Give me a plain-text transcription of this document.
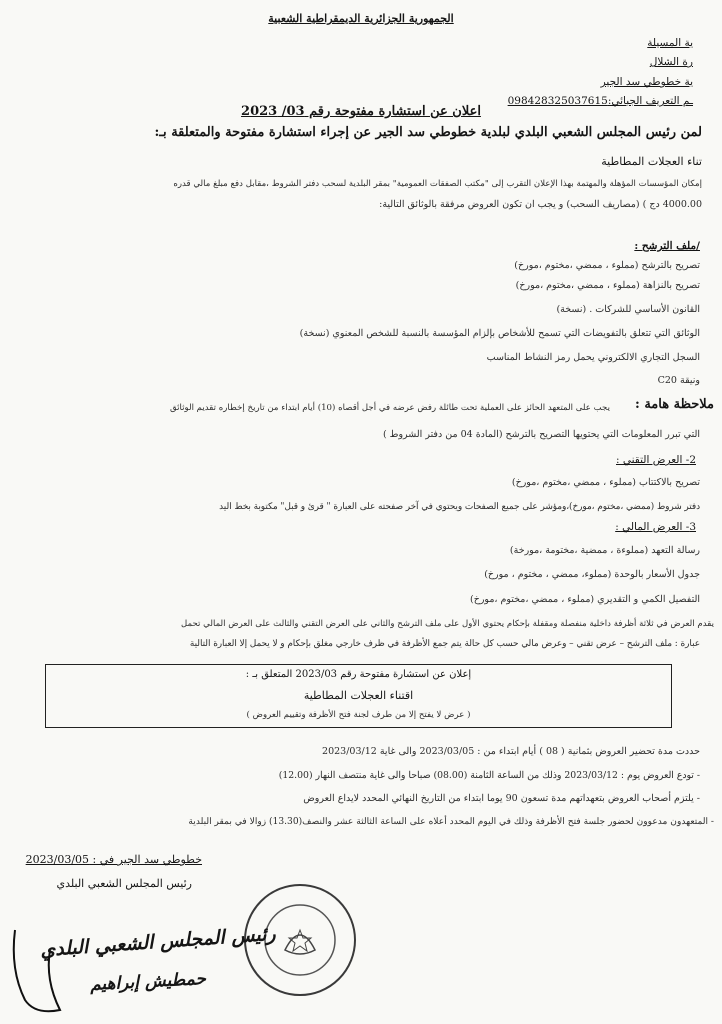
الجمهورية الجزائرية الديمقراطية الشعبية
ية المسيلة
رة الشلال
ية خطوطي سد الجير
ـم التعريف الجبائي:098428325037615
اعلان عن استشارة مفتوحة رقم 03/ 2023
لمن رئيس المجلس الشعبي البلدي لبلدية خطوطي سد الجير عن إجراء استشارة مفتوحة والمتعلقة بـ:
تناء العجلات المطاطية
إمكان المؤسسات المؤهلة والمهتمة بهذا الإعلان التقرب إلى "مكتب الصفقات العمومية" بمقر البلدية لسحب دفتر الشروط ،مقابل دفع مبلغ مالي قدره
4000.00 دج ) (مصاريف السحب) و يجب ان تكون العروض مرفقة بالوثائق التالية:
/ملف الترشح :
تصريح بالترشح (مملوء ، ممضي ،مختوم ،مورخ)
تصريح بالنزاهة (مملوء ، ممضي ،مختوم ،مورخ)
القانون الأساسي للشركات . (نسخة)
الوثائق التي تتعلق بالتفويضات التي تسمح للأشخاص بإلزام المؤسسة بالنسبة للشخص المعنوي (نسخة)
السجل التجاري الالكتروني يحمل رمز النشاط المناسب
ونيقة C20
ملاحظة هامة :
يجب على المتعهد الحائز على العملية تحت طائلة رفض عرضه في أجل أقصاه (10) أيام ابتداء من تاريخ إخطاره تقديم الوثائق
التي تبرر المعلومات التي يحتويها التصريح بالترشح (المادة 04 من دفتر الشروط )
2- العرض التقني :
تصريح بالاكتتاب (مملوء ، ممضي ،مختوم ،مورخ)
دفتر شروط (ممضي ،مختوم ،مورخ)،ومؤشر على جميع الصفحات ويحتوي في آخر صفحته على العبارة " قرئ و قبل" مكتوبة بخط اليد
3- العرض المالي :
رسالة التعهد (مملوءة ، ممضية ،مختومة ،مورخة)
جدول الأسعار بالوحدة (مملوء، ممضي ، مختوم ، مورخ)
التفصيل الكمي و التقديري (مملوء ، ممضي ،مختوم ،مورخ)
يقدم العرض في ثلاثة أظرفة داخلية منفصلة ومقفلة بإحكام يحتوي الأول على ملف الترشح والثاني على العرض التقني والثالث على العرض المالي تحمل
عبارة : ملف الترشح – عرض تقني – وعرض مالي حسب كل حالة يتم جمع الأظرفة في ظرف خارجي مغلق بإحكام و لا يحمل إلا العبارة التالية
إعلان عن استشارة مفتوحة رقم 2023/03 المتعلق بـ :
اقتناء العجلات المطاطية
( عرض لا يفتح إلا من طرف لجنة فتح الأظرفة وتقييم العروض )
حددت مدة تحضير العروض بثمانية ( 08 ) أيام ابتداء من : 2023/03/05 والى غاية 2023/03/12
- تودع العروض يوم : 2023/03/12 وذلك من الساعة الثامنة (08.00) صباحا والى غاية منتصف النهار (12.00)
- يلتزم أصحاب العروض بتعهداتهم مدة تسعون 90 يوما ابتداء من التاريخ النهائي المحدد لايداع العروض
- المتعهدون مدعوون لحضور جلسة فتح الأظرفة وذلك في اليوم المحدد أعلاه على الساعة الثالثة عشر والنصف(13.30) زوالا في بمقر البلدية
خطوطي سد الجير في : 2023/03/05
رئيس المجلس الشعبي البلدي
رئيس المجلس الشعبي البلدي
حمطيش إبراهيم
